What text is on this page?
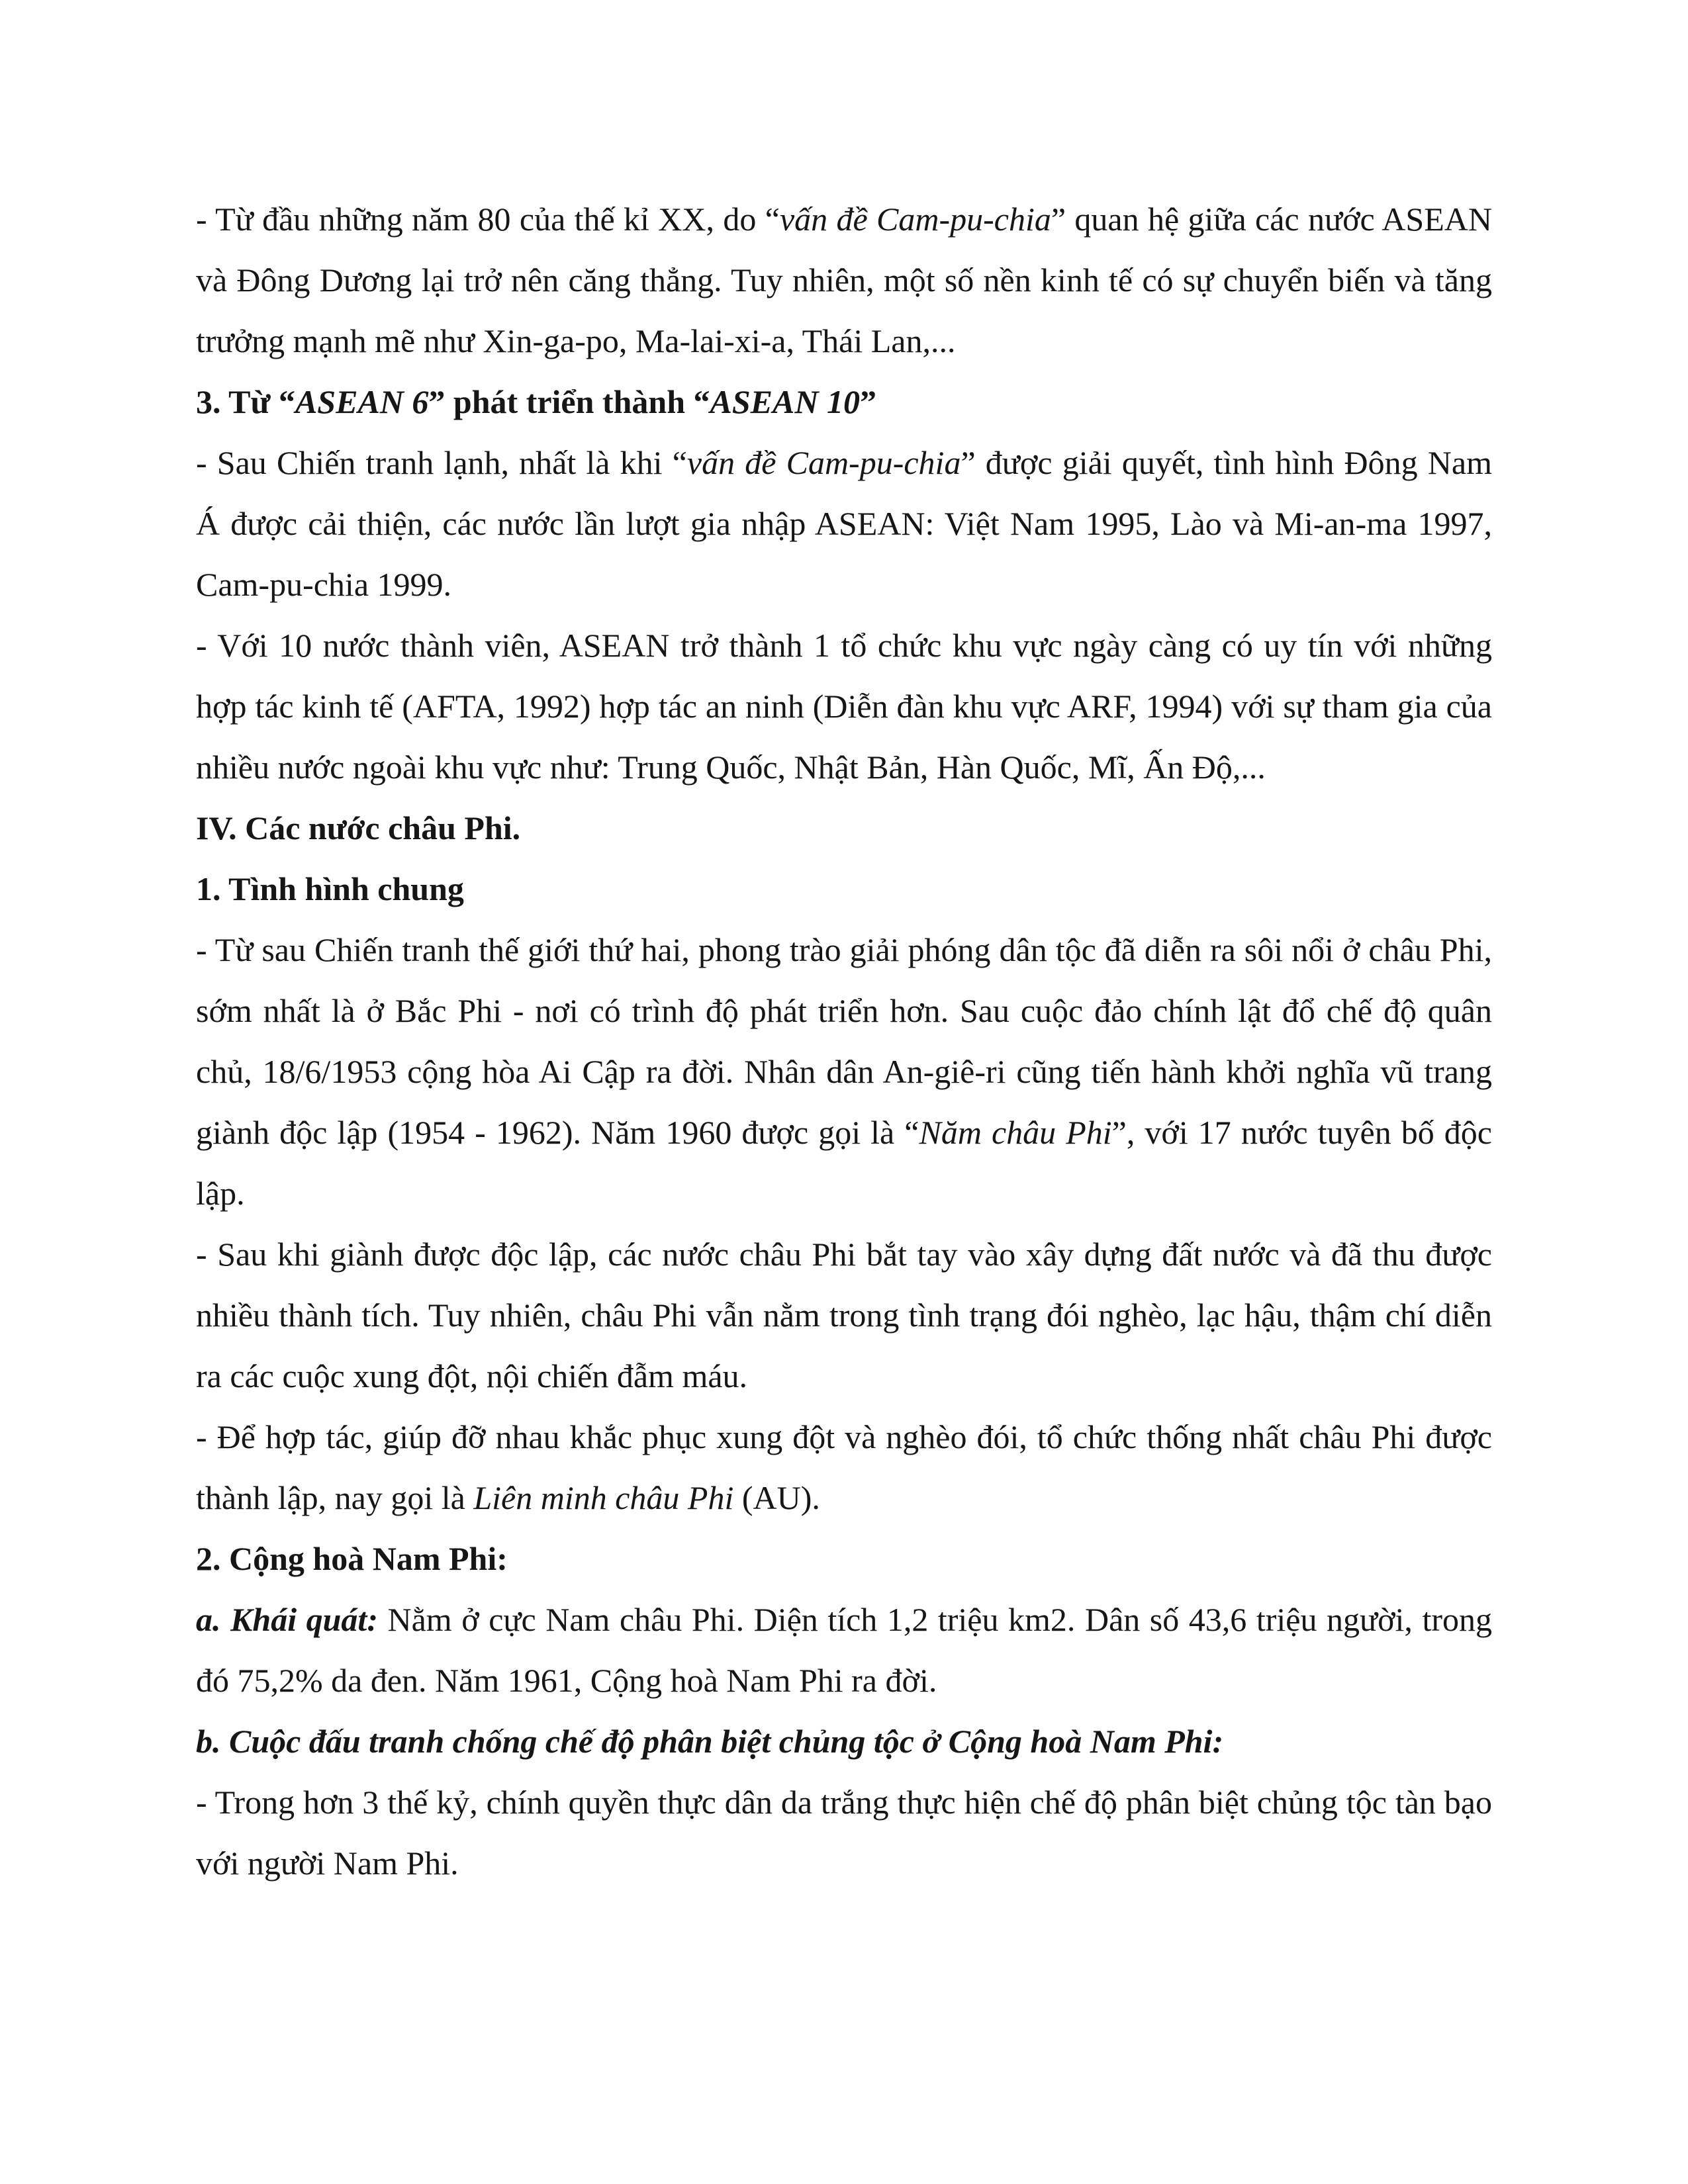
- Từ đầu những năm 80 của thế kỉ XX, do “vấn đề Cam-pu-chia” quan hệ giữa các nước ASEAN và Đông Dương lại trở nên căng thẳng. Tuy nhiên, một số nền kinh tế có sự chuyển biến và tăng trưởng mạnh mẽ như Xin-ga-po, Ma-lai-xi-a, Thái Lan,...

3. Từ “ASEAN 6” phát triển thành “ASEAN 10”

- Sau Chiến tranh lạnh, nhất là khi “vấn đề Cam-pu-chia” được giải quyết, tình hình Đông Nam Á được cải thiện, các nước lần lượt gia nhập ASEAN: Việt Nam 1995, Lào và Mi-an-ma 1997, Cam-pu-chia 1999.

- Với 10 nước thành viên, ASEAN trở thành 1 tổ chức khu vực ngày càng có uy tín với những hợp tác kinh tế (AFTA, 1992) hợp tác an ninh (Diễn đàn khu vực ARF, 1994) với sự tham gia của nhiều nước ngoài khu vực như: Trung Quốc, Nhật Bản, Hàn Quốc, Mĩ, Ấn Độ,...

IV. Các nước châu Phi.

1. Tình hình chung

- Từ sau Chiến tranh thế giới thứ hai, phong trào giải phóng dân tộc đã diễn ra sôi nổi ở châu Phi, sớm nhất là ở Bắc Phi - nơi có trình độ phát triển hơn. Sau cuộc đảo chính lật đổ chế độ quân chủ, 18/6/1953 cộng hòa Ai Cập ra đời. Nhân dân An-giê-ri cũng tiến hành khởi nghĩa vũ trang giành độc lập (1954 - 1962). Năm 1960 được gọi là “Năm châu Phi”, với 17 nước tuyên bố độc lập.

- Sau khi giành được độc lập, các nước châu Phi bắt tay vào xây dựng đất nước và đã thu được nhiều thành tích. Tuy nhiên, châu Phi vẫn nằm trong tình trạng đói nghèo, lạc hậu, thậm chí diễn ra các cuộc xung đột, nội chiến đẫm máu.

- Để hợp tác, giúp đỡ nhau khắc phục xung đột và nghèo đói, tổ chức thống nhất châu Phi được thành lập, nay gọi là Liên minh châu Phi (AU).

2. Cộng hoà Nam Phi:

a. Khái quát: Nằm ở cực Nam châu Phi. Diện tích 1,2 triệu km2. Dân số 43,6 triệu người, trong đó 75,2% da đen. Năm 1961, Cộng hoà Nam Phi ra đời.

b. Cuộc đấu tranh chống chế độ phân biệt chủng tộc ở Cộng hoà Nam Phi:

- Trong hơn 3 thế kỷ, chính quyền thực dân da trắng thực hiện chế độ phân biệt chủng tộc tàn bạo với người Nam Phi.
